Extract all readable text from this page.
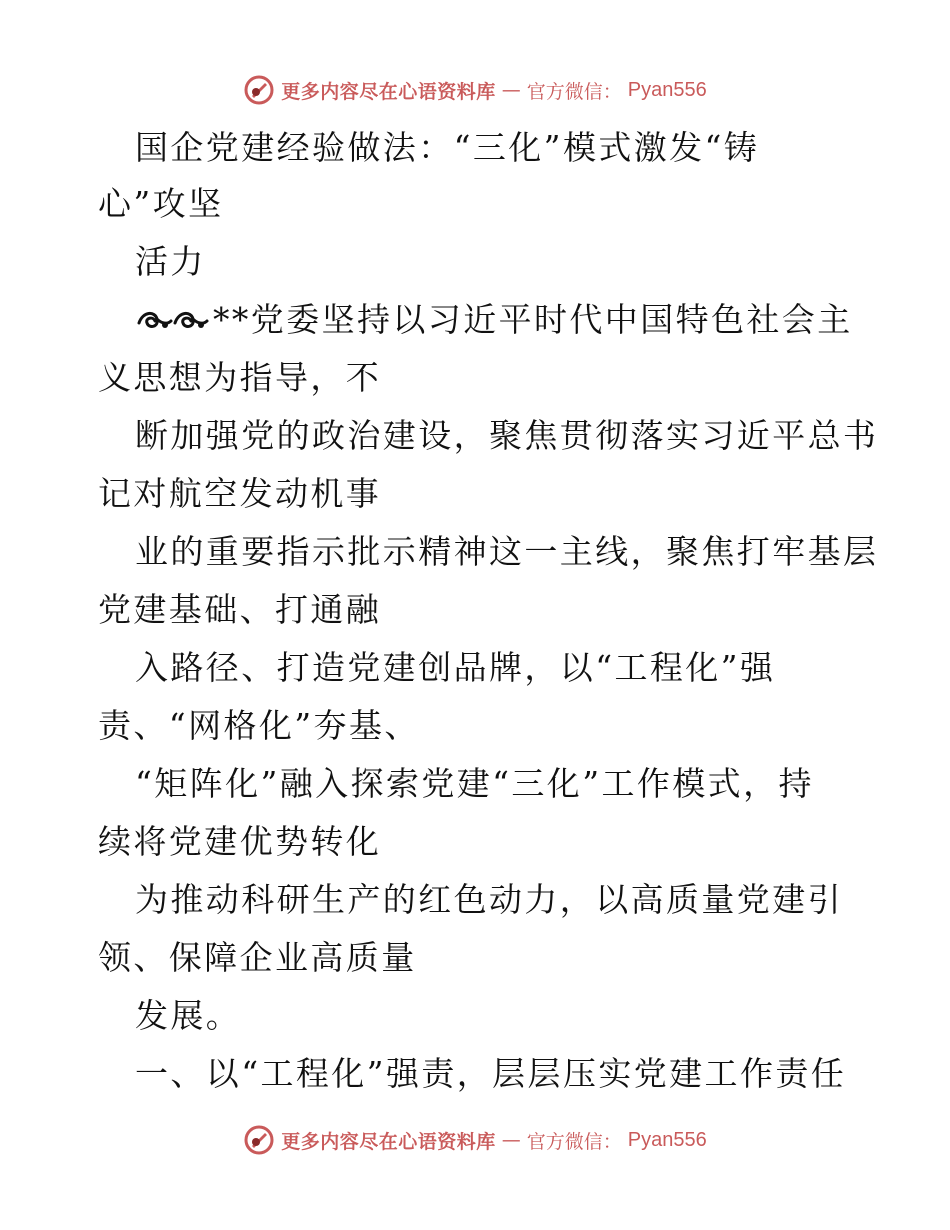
更多内容尽在心语资料库 — 官方微信： Pyan556
国企党建经验做法：“三化”模式激发“铸
心”攻坚
活力
**党委坚持以习近平时代中国特色社会主
义思想为指导，不
断加强党的政治建设，聚焦贯彻落实习近平总书
记对航空发动机事
业的重要指示批示精神这一主线，聚焦打牢基层
党建基础、打通融
入路径、打造党建创品牌，以“工程化”强
责、“网格化”夯基、
“矩阵化”融入探索党建“三化”工作模式，持
续将党建优势转化
为推动科研生产的红色动力，以高质量党建引
领、保障企业高质量
发展。
一、以“工程化”强责，层层压实党建工作责任
更多内容尽在心语资料库 — 官方微信： Pyan556
